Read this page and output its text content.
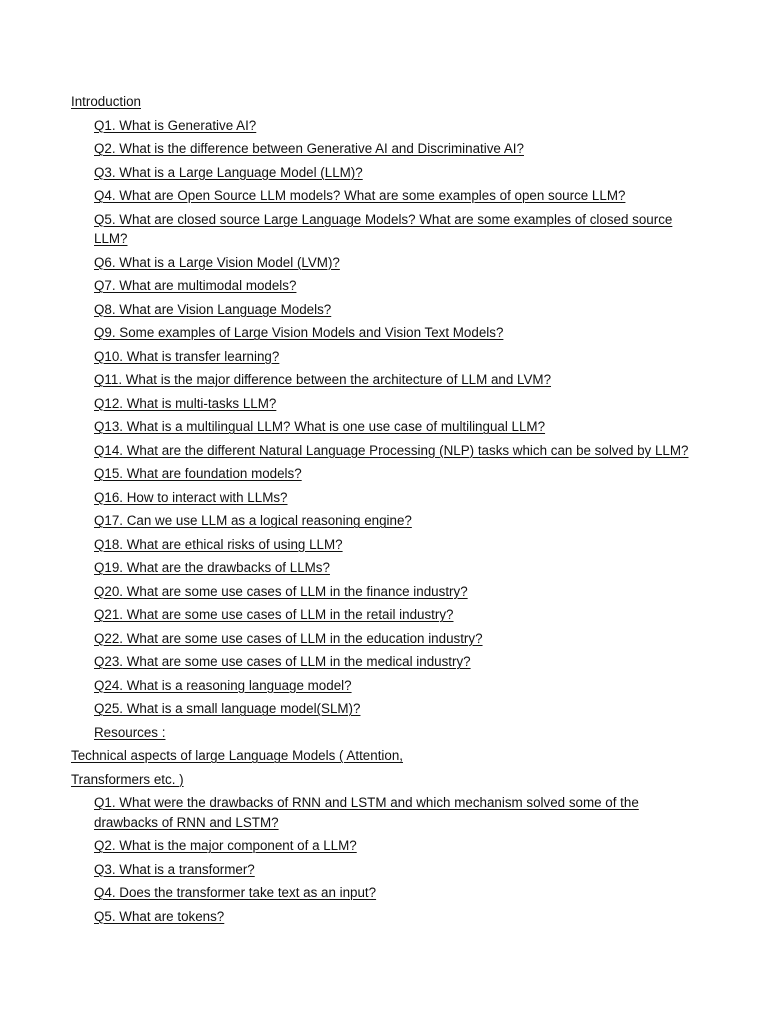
Introduction
Q1. What is Generative AI?
Q2. What is the difference between Generative AI and Discriminative AI?
Q3. What is a Large Language Model (LLM)?
Q4. What are Open Source LLM models? What are some examples of open source LLM?
Q5. What are closed source Large Language Models? What are some examples of closed source LLM?
Q6. What is a Large Vision Model (LVM)?
Q7. What are multimodal models?
Q8. What are Vision Language Models?
Q9. Some examples of Large Vision Models and Vision Text Models?
Q10. What is transfer learning?
Q11. What is the major difference between the architecture of LLM and LVM?
Q12. What is multi-tasks LLM?
Q13. What is a multilingual LLM? What is one use case of multilingual LLM?
Q14. What are the different Natural Language Processing (NLP) tasks which can be solved by LLM?
Q15. What are foundation models?
Q16. How to interact with LLMs?
Q17. Can we use LLM as a logical reasoning engine?
Q18. What are ethical risks of using LLM?
Q19. What are the drawbacks of LLMs?
Q20. What are some use cases of LLM in the finance industry?
Q21. What are some use cases of LLM in the retail industry?
Q22. What are some use cases of LLM in the education industry?
Q23. What are some use cases of LLM in the medical industry?
Q24. What is a reasoning language model?
Q25. What is a small language model(SLM)?
Resources :
Technical aspects of large Language Models ( Attention,
Transformers etc. )
Q1. What were the drawbacks of RNN and LSTM and which mechanism solved some of the drawbacks of RNN and LSTM?
Q2. What is the major component of a LLM?
Q3. What is a transformer?
Q4. Does the transformer take text as an input?
Q5. What are tokens?
